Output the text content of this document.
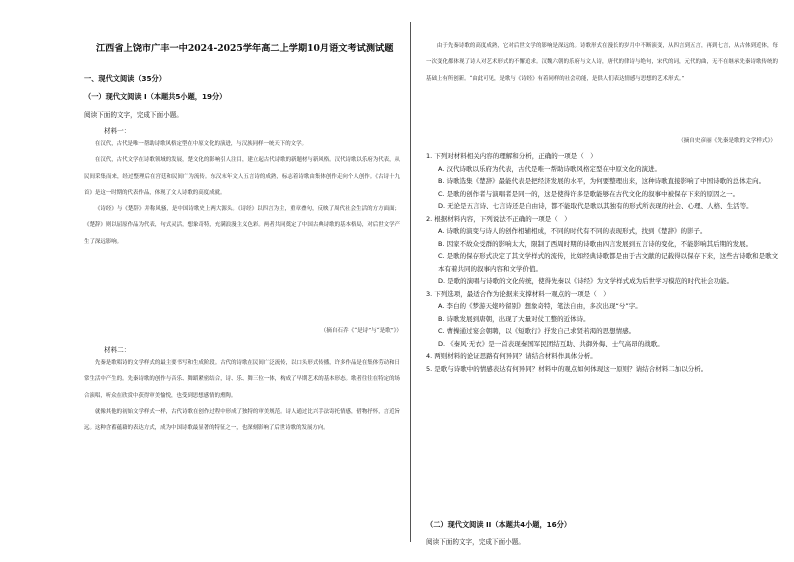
江西省上饶市广丰一中2024-2025学年高二上学期10月语文考试测试题
一、现代文阅读（35分）
（一）现代文阅读 I（本题共5小题，19分）
阅读下面的文字，完成下面小题。
材料一：

在汉代，古代是唯一帮助诗歌风格定型在中原文化的演进，与汉族同样一统天下的文学。

在汉代，古代文学在诗歌领域的发展，楚文化的影响引人注目，建立起古代诗歌的新题材与新风格。汉代诗歌以乐府为代表，从民间采集而来，经过整理后在宫廷和民间广为流传。东汉末年文人五言诗的成熟，标志着诗歌由集体创作走向个人创作。《古诗十九首》是这一时期的代表作品，体现了文人诗歌的高度成就。

《诗经》与《楚辞》并称风骚，是中国诗歌史上两大源头。《诗经》以四言为主，重章叠句，反映了周代社会生活的方方面面；《楚辞》则以屈原作品为代表，句式灵活，想象奇特，充满浪漫主义色彩。两者共同奠定了中国古典诗歌的基本格局，对后世文学产生了深远影响。

（摘自石乔《“是诗”与“是歌”》）
材料二：

先秦是歌唱诗的文学样式的最主要书写和生成阶段。古代的诗歌在民间广泛流传，以口头形式传播，许多作品是在集体劳动和日常生活中产生的。先秦诗歌的创作与音乐、舞蹈紧密结合，诗、乐、舞三位一体，构成了早期艺术的基本形态。歌者往往在特定的场合演唱，听众在欣赏中获得审美愉悦，也受到思想感情的熏陶。

就像其他的初始文学样式一样，古代诗歌在创作过程中形成了独特的审美规范。诗人通过比兴手法寄托情感，借物抒怀，言近旨远。这种含蓄蕴藉的表达方式，成为中国诗歌最显著的特征之一，也深刻影响了后世诗歌的发展方向。

由于先秦诗歌的高度成熟，它对后世文学的影响是深远的。诗歌形式在漫长的岁月中不断演变，从四言到五言，再到七言，从古体到近体，每一次变化都体现了诗人对艺术形式的不懈追求。汉魏六朝的乐府与文人诗，唐代的律诗与绝句，宋代的词，元代的曲，无不在继承先秦诗歌传统的基础上有所创新。“由此可见，是歌与《诗经》有着同样的社会功能，是供人们表达情感与思想的艺术形式。”

（摘自史彦丽《先秦是歌的文学样式》）
1. 下列对材料相关内容的理解和分析，正确的一项是（　）
A. 汉代诗歌以乐府为代表，古代是唯一帮助诗歌风格定型在中原文化的演进。
B. 诗歌选集《楚辞》最能代表是把经济发展的水平，为何要整理出来，这种诗歌直接影响了中国诗歌的总体走向。
C. 是歌的创作者与演唱者是同一的，这是使得许多是歌能够在古代文化的叙事中被保存下来的原因之一。
D. 无论是五言诗、七言诗还是自由诗，都不能取代是歌以其独有的形式所表现的社会、心理、人格、生活等。
2. 根据材料内容，下列说法不正确的一项是（　）
A. 诗歌的演变与诗人的创作相辅相成，不同的时代有不同的表现形式，找到《楚辞》的影子。
B. 因家不故众受群的影响太大，限制了西周时期的诗歌由四言发展到五言诗的变化，不能影响其后期的发展。
C. 是歌的保存形式决定了其文学样式的流传，比如经典诗歌都是由于古文献的记载得以保存下来，这些古诗歌和是歌文本有着共同的叙事内容和文学价值。
D. 是歌的演唱与诗歌的文化传统，使得先秦以《诗经》为文学样式成为后世学习模范的时代社会功能。
3. 下列选项，最适合作为论据来支撑材料一观点的一项是（　）
A. 李白的《梦游天姥吟留别》想象奇特，笔法自由，多次出现“兮”字。
B. 诗歌发展到唐朝，出现了大量对仗工整的近体诗。
C. 曹操通过宴会朝聘，以《短歌行》抒发自己求贤若渴的思想情感。
D. 《秦风·无衣》是一首表现秦国军民团结互助、共御外侮、士气高昂的战歌。
4. 两则材料的论证思路有何异同？请结合材料作具体分析。
5. 是歌与诗歌中的情感表达有何异同？材料中的观点如何体现这一原则？请结合材料二加以分析。
（二）现代文阅读 II（本题共4小题，16分）
阅读下面的文字，完成下面小题。
